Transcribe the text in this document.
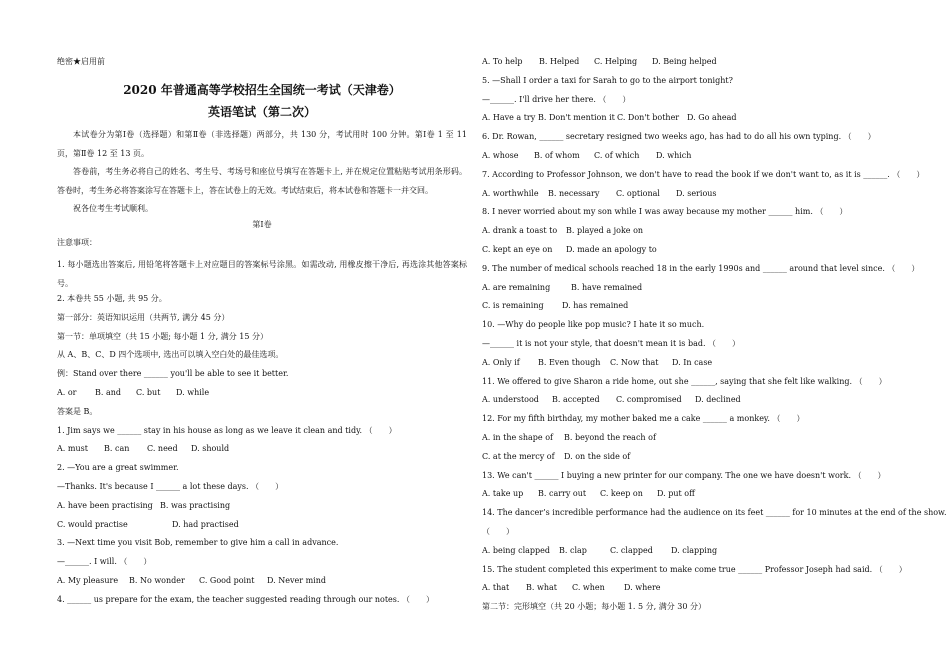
绝密★启用前
2020 年普通高等学校招生全国统一考试（天津卷）
英语笔试（第二次）
本试卷分为第Ⅰ卷（选择题）和第Ⅱ卷（非选择题）两部分，共 130 分，考试用时 100 分钟。第Ⅰ卷 1 至 11 页，第Ⅱ卷 12 至 13 页。
答卷前，考生务必将自己的姓名、考生号、考场号和座位号填写在答题卡上, 并在规定位置粘贴考试用条形码。答卷时，考生务必将答案涂写在答题卡上，答在试卷上的无效。考试结束后，将本试卷和答题卡一并交回。
祝各位考生考试顺利。
第Ⅰ卷
注意事项：
1. 每小题选出答案后, 用铅笔将答题卡上对应题目的答案标号涂黑。如需改动, 用橡皮擦干净后, 再选涂其他答案标号。
2. 本卷共 55 小题, 共 95 分。
第一部分：英语知识运用（共两节, 满分 45 分）
第一节：单项填空（共 15 小题; 每小题 1 分, 满分 15 分）
从 A、B、C、D 四个选项中, 选出可以填入空白处的最佳选项。
例：Stand over there ______ you'll be able to see it better.
A. or	B. and	C. but	D. while
答案是 B。
1. Jim says we ______ stay in his house as long as we leave it clean and tidy. （　　）
A. must	B. can	C. need	D. should
2. —You are a great swimmer.
—Thanks. It's because I ______ a lot these days. （　　）
A. have been practising B. was practising
C. would practise	D. had practised
3. —Next time you visit Bob, remember to give him a call in advance.
—______. I will. （　　）
A. My pleasure	B. No wonder	C. Good point	D. Never mind
4. ______ us prepare for the exam, the teacher suggested reading through our notes. （　　）
A. To help	B. Helped	C. Helping	D. Being helped
5. —Shall I order a taxi for Sarah to go to the airport tonight?
—______. I'll drive her there. （　　）
A. Have a try B. Don't mention it C. Don't bother D. Go ahead
6. Dr. Rowan, ______ secretary resigned two weeks ago, has had to do all his own typing. （　　）
A. whose	B. of whom	C. of which	D. which
7. According to Professor Johnson, we don't have to read the book if we don't want to, as it is ______. （　　）
A. worthwhile	B. necessary	C. optional	D. serious
8. I never worried about my son while I was away because my mother ______ him. （　　）
A. drank a toast to	B. played a joke on
C. kept an eye on	D. made an apology to
9. The number of medical schools reached 18 in the early 1990s and ______ around that level since. （　　）
A. are remaining	B. have remained
C. is remaining	D. has remained
10. —Why do people like pop music? I hate it so much.
—______ it is not your style, that doesn't mean it is bad. （　　）
A. Only if	B. Even though	C. Now that	D. In case
11. We offered to give Sharon a ride home, out she ______, saying that she felt like walking. （　　）
A. understood	B. accepted	C. compromised	D. declined
12. For my fifth birthday, my mother baked me a cake ______ a monkey. （　　）
A. in the shape of	B. beyond the reach of
C. at the mercy of	D. on the side of
13. We can't ______ I buying a new printer for our company. The one we have doesn't work. （　　）
A. take up	B. carry out	C. keep on	D. put off
14. The dancer’s incredible performance had the audience on its feet ______ for 10 minutes at the end of the show.
（　　）
A. being clapped	B. clap	C. clapped	D. clapping
15. The student completed this experiment to make come true ______ Professor Joseph had said. （　　）
A. that	B. what	C. when	D. where
第二节：完形填空（共 20 小题；每小题 1. 5 分, 满分 30 分）
